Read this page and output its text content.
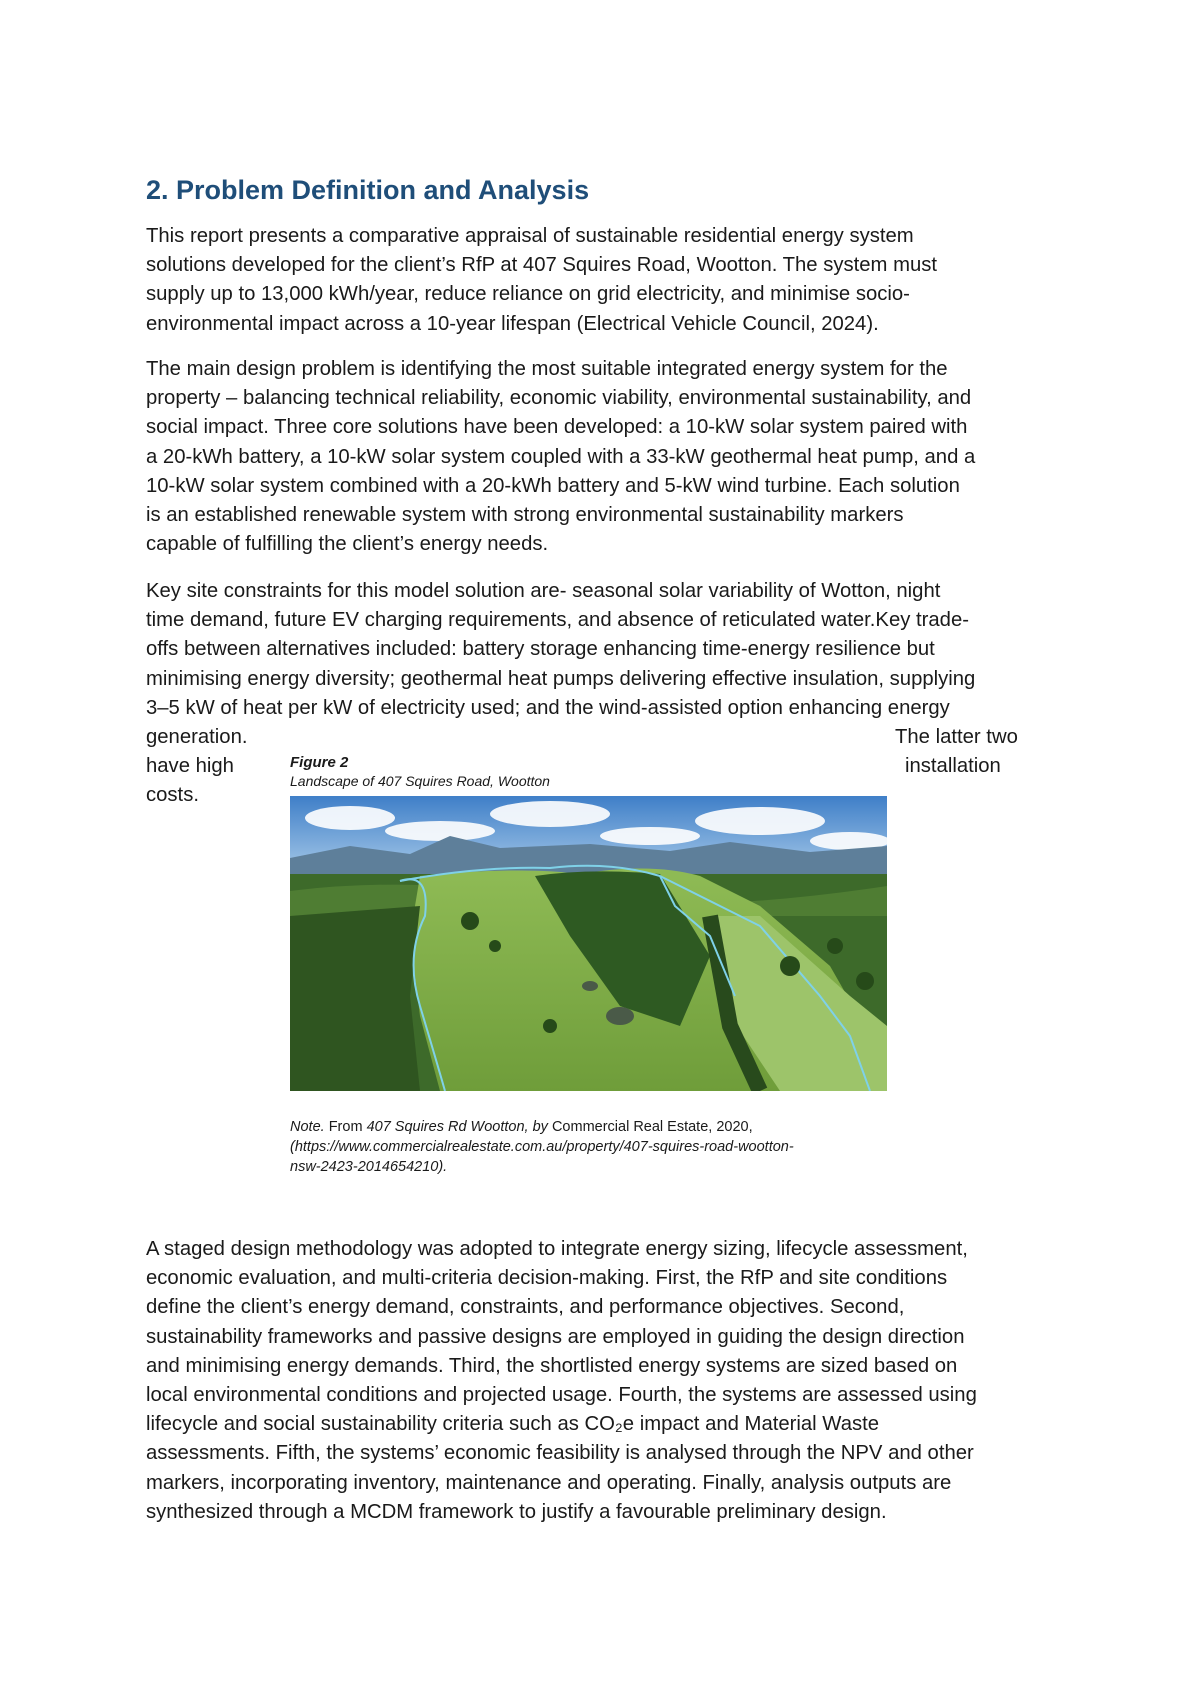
2. Problem Definition and Analysis

This report presents a comparative appraisal of sustainable residential energy system
solutions developed for the client’s RfP at 407 Squires Road, Wootton. The system must
supply up to 13,000 kWh/year, reduce reliance on grid electricity, and minimise socio-
environmental impact across a 10-year lifespan (Electrical Vehicle Council, 2024).

The main design problem is identifying the most suitable integrated energy system for the
property – balancing technical reliability, economic viability, environmental sustainability, and
social impact. Three core solutions have been developed: a 10-kW solar system paired with
a 20-kWh battery, a 10-kW solar system coupled with a 33-kW geothermal heat pump, and a
10-kW solar system combined with a 20-kWh battery and 5-kW wind turbine. Each solution
is an established renewable system with strong environmental sustainability markers
capable of fulfilling the client’s energy needs.

Key site constraints for this model solution are- seasonal solar variability of Wotton, night
time demand, future EV charging requirements, and absence of reticulated water.Key trade-
offs between alternatives included: battery storage enhancing time-energy resilience but
minimising energy diversity; geothermal heat pumps delivering effective insulation, supplying
3–5 kW of heat per kW of electricity used; and the wind-assisted option enhancing energy

generation.
have high
costs.

The latter two

installation

Figure 2

Landscape of 407 Squires Road, Wootton

Note. From 407 Squires Rd Wootton, by Commercial Real Estate, 2020,
(https://www.commercialrealestate.com.au/property/407-squires-road-wootton-
nsw-2423-2014654210).

A staged design methodology was adopted to integrate energy sizing, lifecycle assessment,
economic evaluation, and multi-criteria decision-making. First, the RfP and site conditions
define the client’s energy demand, constraints, and performance objectives. Second,
sustainability frameworks and passive designs are employed in guiding the design direction
and minimising energy demands. Third, the shortlisted energy systems are sized based on
local environmental conditions and projected usage. Fourth, the systems are assessed using
lifecycle and social sustainability criteria such as CO₂e impact and Material Waste
assessments. Fifth, the systems’ economic feasibility is analysed through the NPV and other
markers, incorporating inventory, maintenance and operating. Finally, analysis outputs are
synthesized through a MCDM framework to justify a favourable preliminary design.
